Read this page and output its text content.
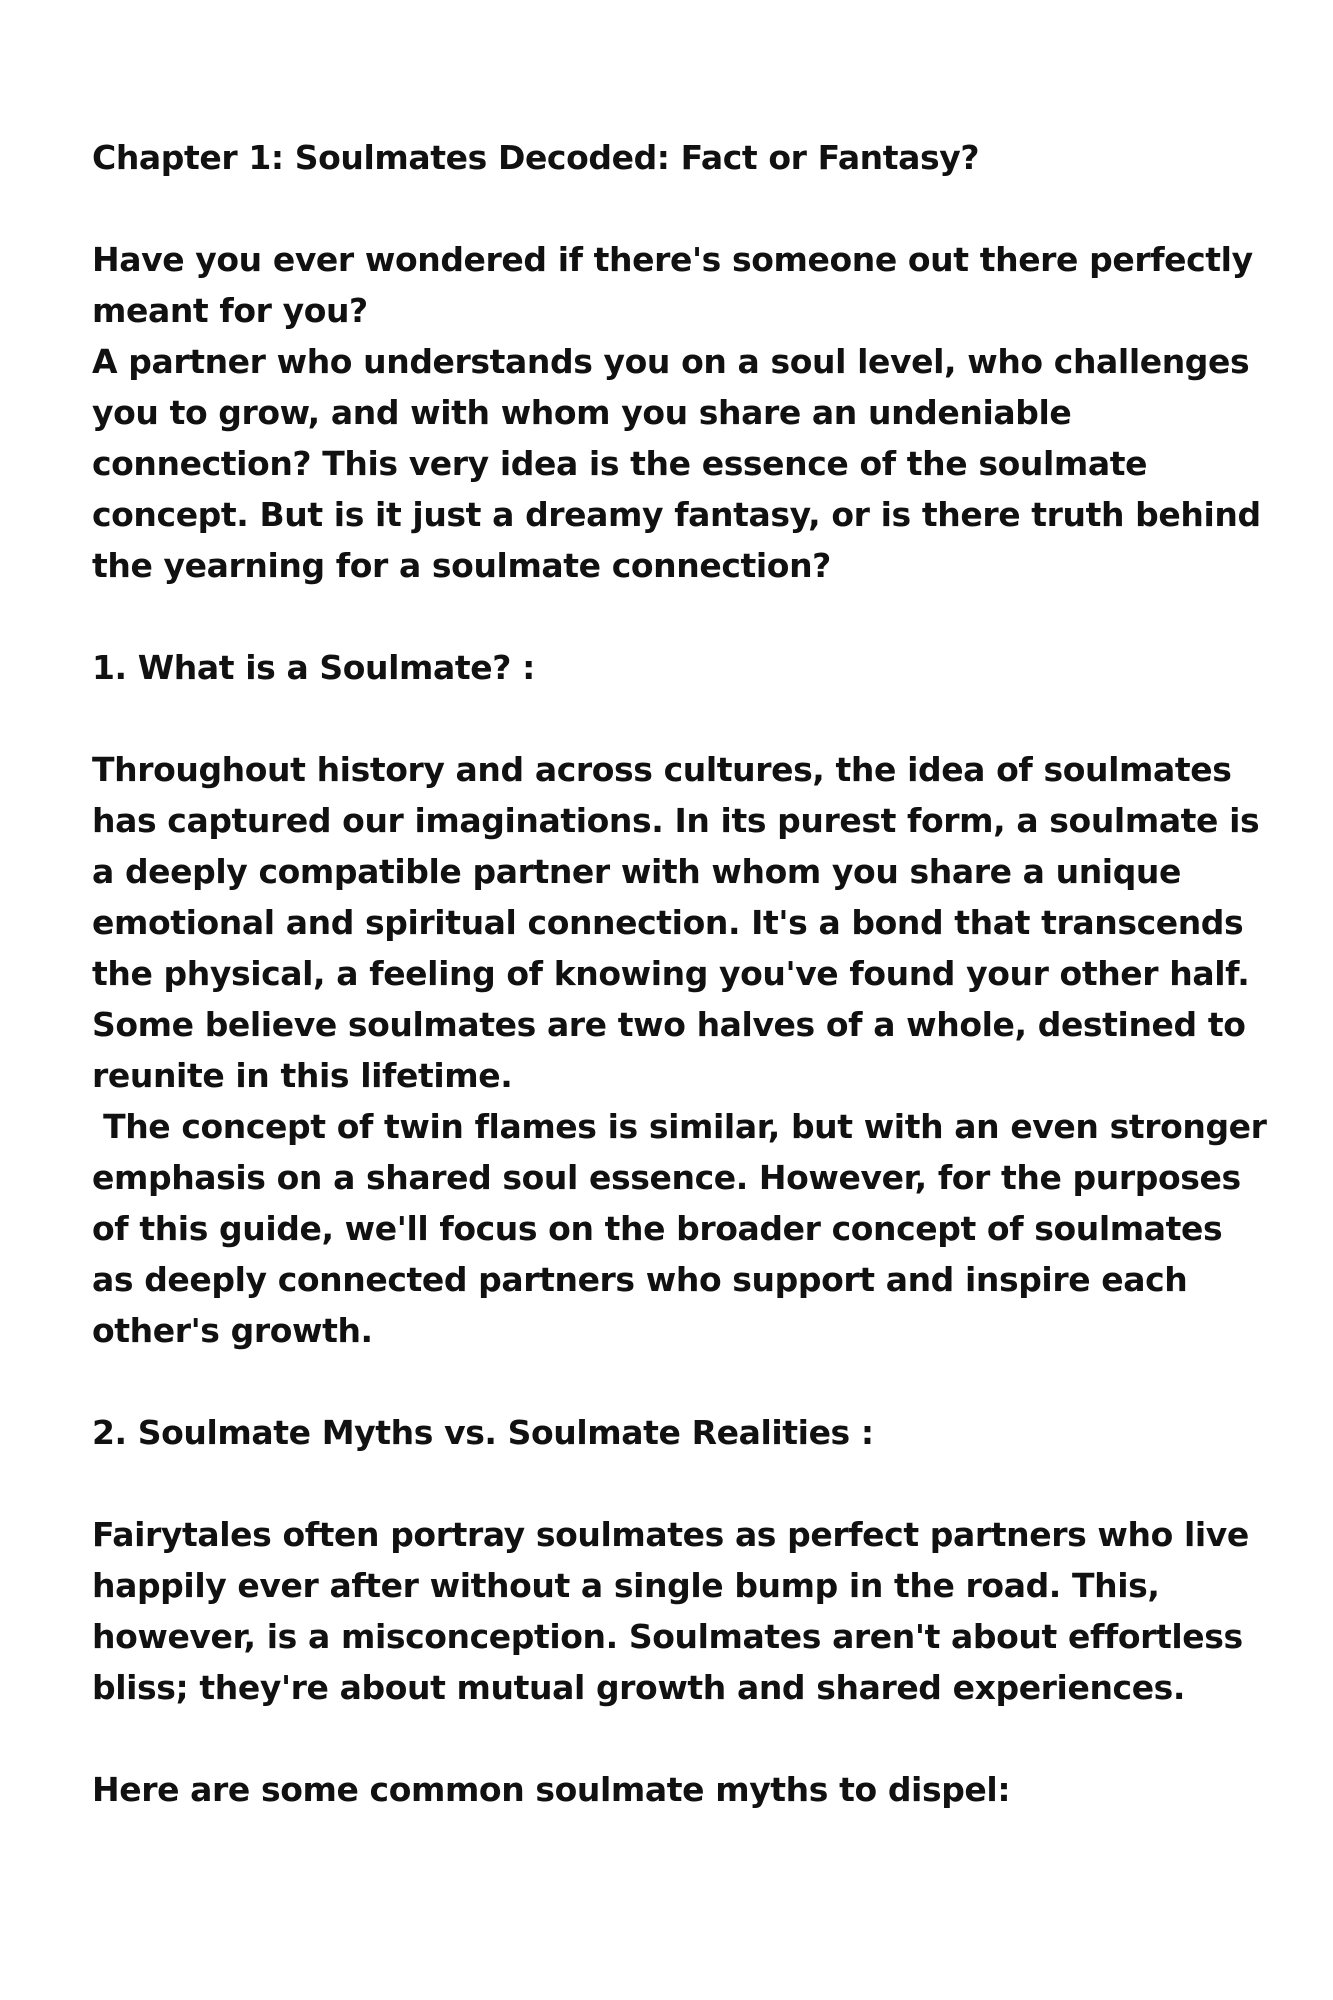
Chapter 1: Soulmates Decoded: Fact or Fantasy?
Have you ever wondered if there's someone out there perfectly
meant for you?
A partner who understands you on a soul level, who challenges
you to grow, and with whom you share an undeniable
connection? This very idea is the essence of the soulmate
concept. But is it just a dreamy fantasy, or is there truth behind
the yearning for a soulmate connection?
1. What is a Soulmate? :
Throughout history and across cultures, the idea of soulmates
has captured our imaginations. In its purest form, a soulmate is
a deeply compatible partner with whom you share a unique
emotional and spiritual connection. It's a bond that transcends
the physical, a feeling of knowing you've found your other half.
Some believe soulmates are two halves of a whole, destined to
reunite in this lifetime.
The concept of twin flames is similar, but with an even stronger
emphasis on a shared soul essence. However, for the purposes
of this guide, we'll focus on the broader concept of soulmates
as deeply connected partners who support and inspire each
other's growth.
2. Soulmate Myths vs. Soulmate Realities :
Fairytales often portray soulmates as perfect partners who live
happily ever after without a single bump in the road. This,
however, is a misconception. Soulmates aren't about effortless
bliss; they're about mutual growth and shared experiences.
Here are some common soulmate myths to dispel:
